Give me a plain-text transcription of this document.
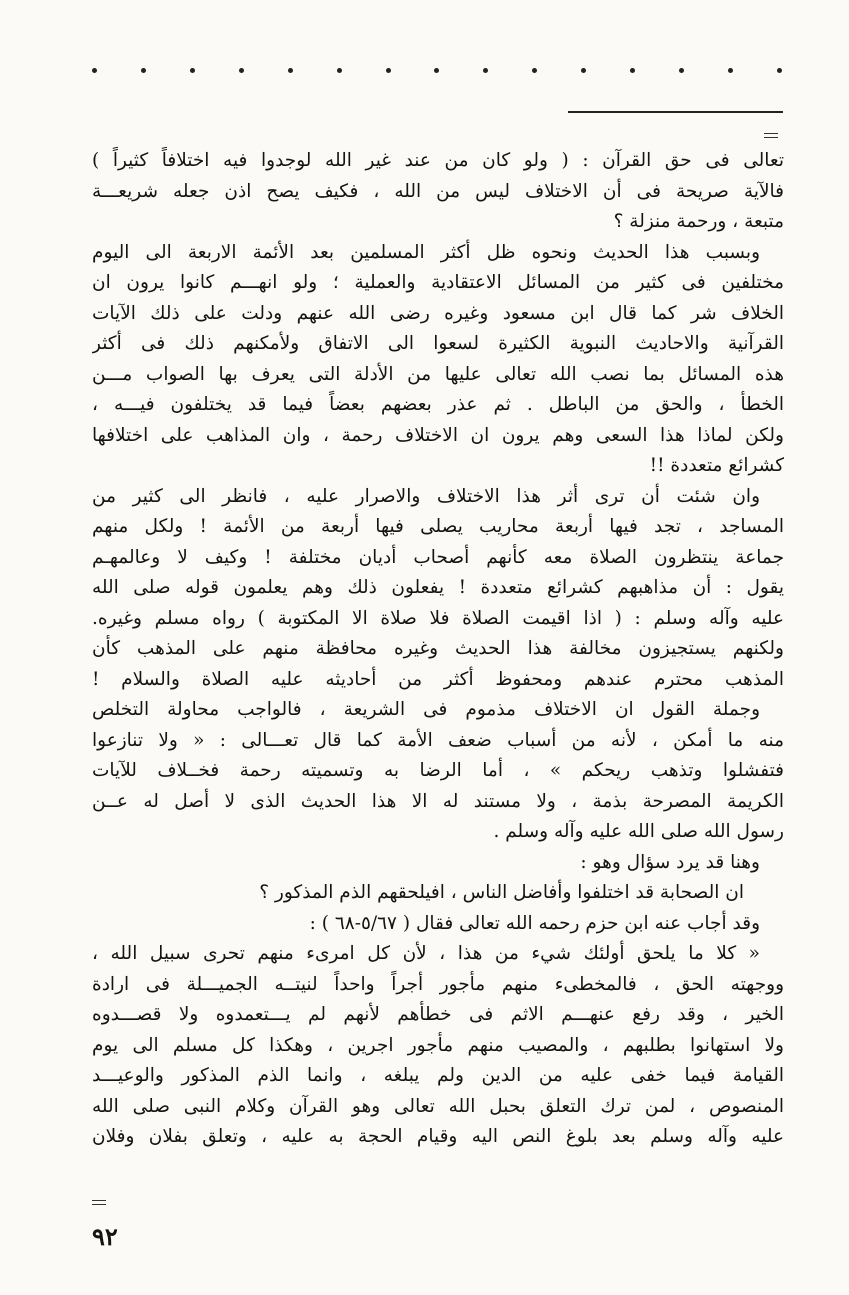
تعالى فى حق القرآن : ( ولو كان من عند غير الله لوجدوا فيه اختلافاً كثيراً )
فالآية صريحة فى أن الاختلاف ليس من الله ، فكيف يصح اذن جعله شريعـــة
متبعة ، ورحمة منزلة ؟
وبسبب هذا الحديث ونحوه ظل أكثر المسلمين بعد الأئمة الاربعة الى اليوم
مختلفين فى كثير من المسائل الاعتقادية والعملية ؛ ولو انهـــم كانوا يرون ان
الخلاف شر كما قال ابن مسعود وغيره رضى الله عنهم ودلت على ذلك الآيات
القرآنية والاحاديث النبوية الكثيرة لسعوا الى الاتفاق ولأمكنهم ذلك فى أكثر
هذه المسائل بما نصب الله تعالى عليها من الأدلة التى يعرف بها الصواب مـــن
الخطأ ، والحق من الباطل . ثم عذر بعضهم بعضاً فيما قد يختلفون فيـــه ،
ولكن لماذا هذا السعى وهم يرون ان الاختلاف رحمة ، وان المذاهب على اختلافها
كشرائع متعددة !!
وان شئت أن ترى أثر هذا الاختلاف والاصرار عليه ، فانظر الى كثير من
المساجد ، تجد فيها أربعة محاريب يصلى فيها أربعة من الأئمة ! ولكل منهم
جماعة ينتظرون الصلاة معه كأنهم أصحاب أديان مختلفة ! وكيف لا وعالمهـم
يقول : أن مذاهبهم كشرائع متعددة ! يفعلون ذلك وهم يعلمون قوله صلى الله
عليه وآله وسلم : ( اذا اقيمت الصلاة فلا صلاة الا المكتوبة ) رواه مسلم وغيره.
ولكنهم يستجيزون مخالفة هذا الحديث وغيره محافظة منهم على المذهب كأن
المذهب محترم عندهم ومحفوظ أكثر من أحاديثه عليه الصلاة والسلام !
وجملة القول ان الاختلاف مذموم فى الشريعة ، فالواجب محاولة التخلص
منه ما أمكن ، لأنه من أسباب ضعف الأمة كما قال تعـــالى : « ولا تنازعوا
فتفشلوا وتذهب ريحكم » ، أما الرضا به وتسميته رحمة فخــلاف للآيات
الكريمة المصرحة بذمة ، ولا مستند له الا هذا الحديث الذى لا أصل له عــن
رسول الله صلى الله عليه وآله وسلم .
وهنا قد يرد سؤال وهو :
ان الصحابة قد اختلفوا وأفاضل الناس ، افيلحقهم الذم المذكور ؟
وقد أجاب عنه ابن حزم رحمه الله تعالى فقال ( ٥/٦٧-٦٨ ) :
« كلا ما يلحق أولئك شيء من هذا ، لأن كل امرىء منهم تحرى سبيل الله ،
ووجهته الحق ، فالمخطىء منهم مأجور أجراً واحداً لنيتــه الجميـــلة فى ارادة
الخير ، وقد رفع عنهـــم الاثم فى خطأهم لأنهم لم يـــتعمدوه ولا قصـــدوه
ولا استهانوا بطلبهم ، والمصيب منهم مأجور اجرين ، وهكذا كل مسلم الى يوم
القيامة فيما خفى عليه من الدين ولم يبلغه ، وانما الذم المذكور والوعيـــد
المنصوص ، لمن ترك التعلق بحبل الله تعالى وهو القرآن وكلام النبى صلى الله
عليه وآله وسلم بعد بلوغ النص اليه وقيام الحجة به عليه ، وتعلق بفلان وفلان
٩٢
